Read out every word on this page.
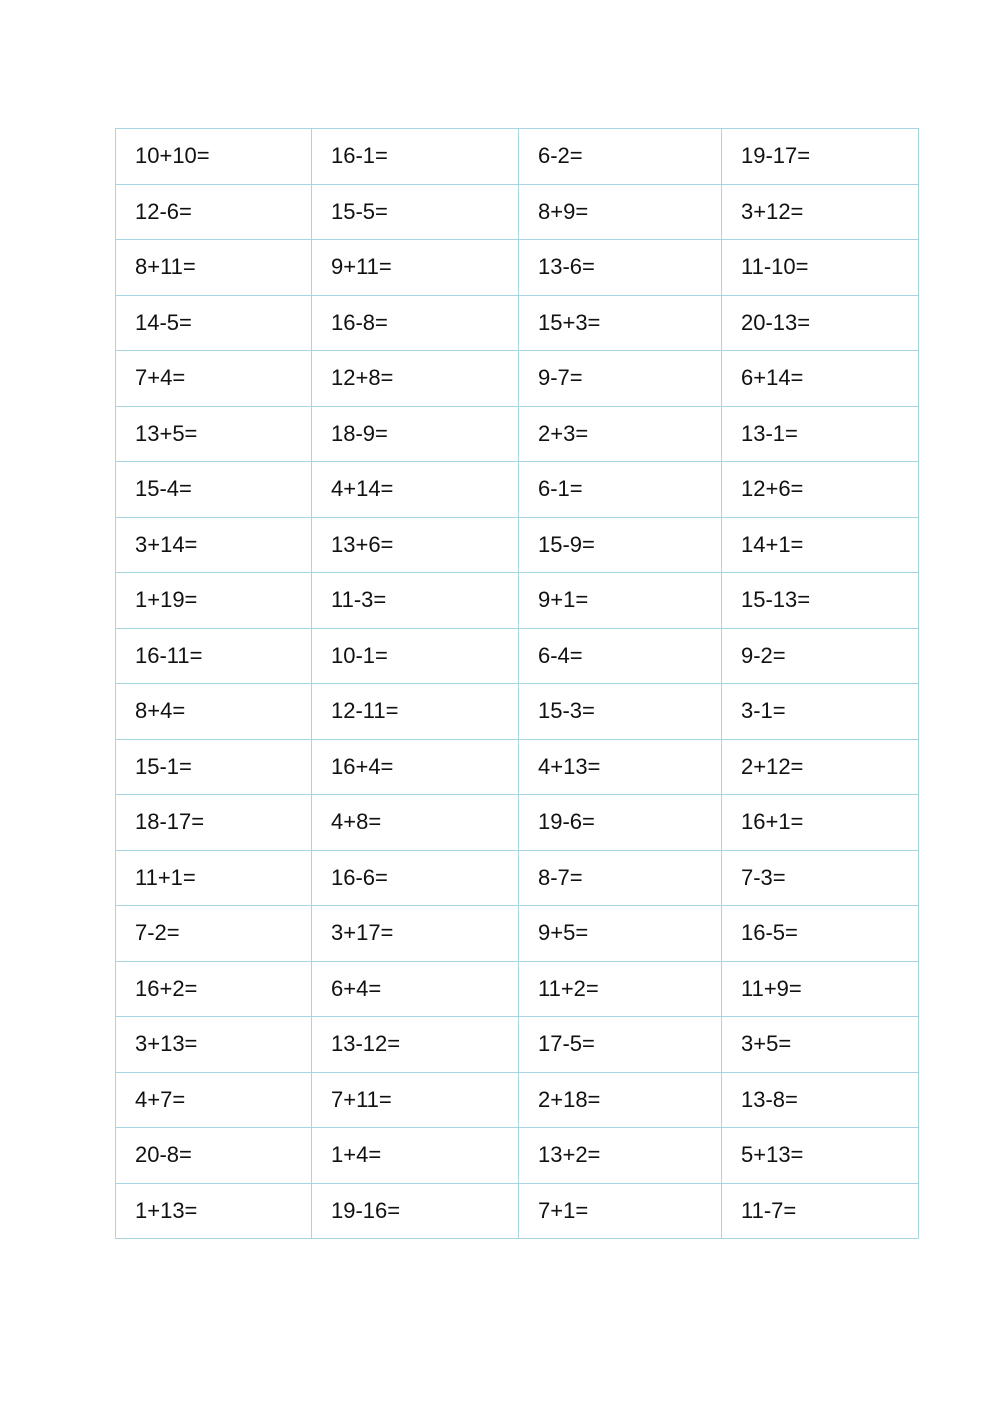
10+10=	16-1=	6-2=	19-17=
12-6=	15-5=	8+9=	3+12=
8+11=	9+11=	13-6=	11-10=
14-5=	16-8=	15+3=	20-13=
7+4=	12+8=	9-7=	6+14=
13+5=	18-9=	2+3=	13-1=
15-4=	4+14=	6-1=	12+6=
3+14=	13+6=	15-9=	14+1=
1+19=	11-3=	9+1=	15-13=
16-11=	10-1=	6-4=	9-2=
8+4=	12-11=	15-3=	3-1=
15-1=	16+4=	4+13=	2+12=
18-17=	4+8=	19-6=	16+1=
11+1=	16-6=	8-7=	7-3=
7-2=	3+17=	9+5=	16-5=
16+2=	6+4=	11+2=	11+9=
3+13=	13-12=	17-5=	3+5=
4+7=	7+11=	2+18=	13-8=
20-8=	1+4=	13+2=	5+13=
1+13=	19-16=	7+1=	11-7=
